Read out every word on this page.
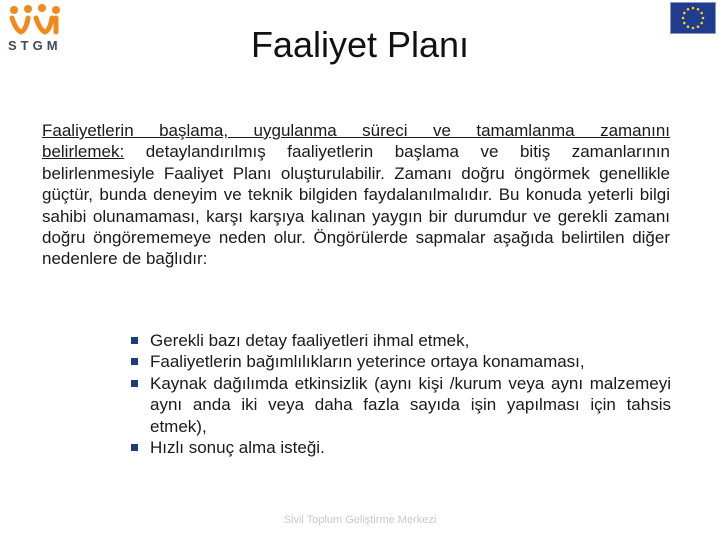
STGM	Faaliyet Planı
Faaliyetlerin başlama, uygulanma süreci ve tamamlanma zamanını belirlemek: detaylandırılmış faaliyetlerin başlama ve bitiş zamanlarının belirlenmesiyle Faaliyet Planı oluşturulabilir. Zamanı doğru öngörmek genellikle güçtür, bunda deneyim ve teknik bilgiden faydalanılmalıdır. Bu konuda yeterli bilgi sahibi olunamaması, karşı karşıya kalınan yaygın bir durumdur ve gerekli zamanı doğru öngörememeye neden olur. Öngörülerde sapmalar aşağıda belirtilen diğer nedenlere de bağlıdır:
Gerekli bazı detay faaliyetleri ihmal etmek,
Faaliyetlerin bağımlılıkların yeterince ortaya konamaması,
Kaynak dağılımda etkinsizlik (aynı kişi /kurum veya aynı malzemeyi aynı anda iki veya daha fazla sayıda işin yapılması için tahsis etmek),
Hızlı sonuç alma isteği.
Sivil Toplum Geliştirme Merkezi
